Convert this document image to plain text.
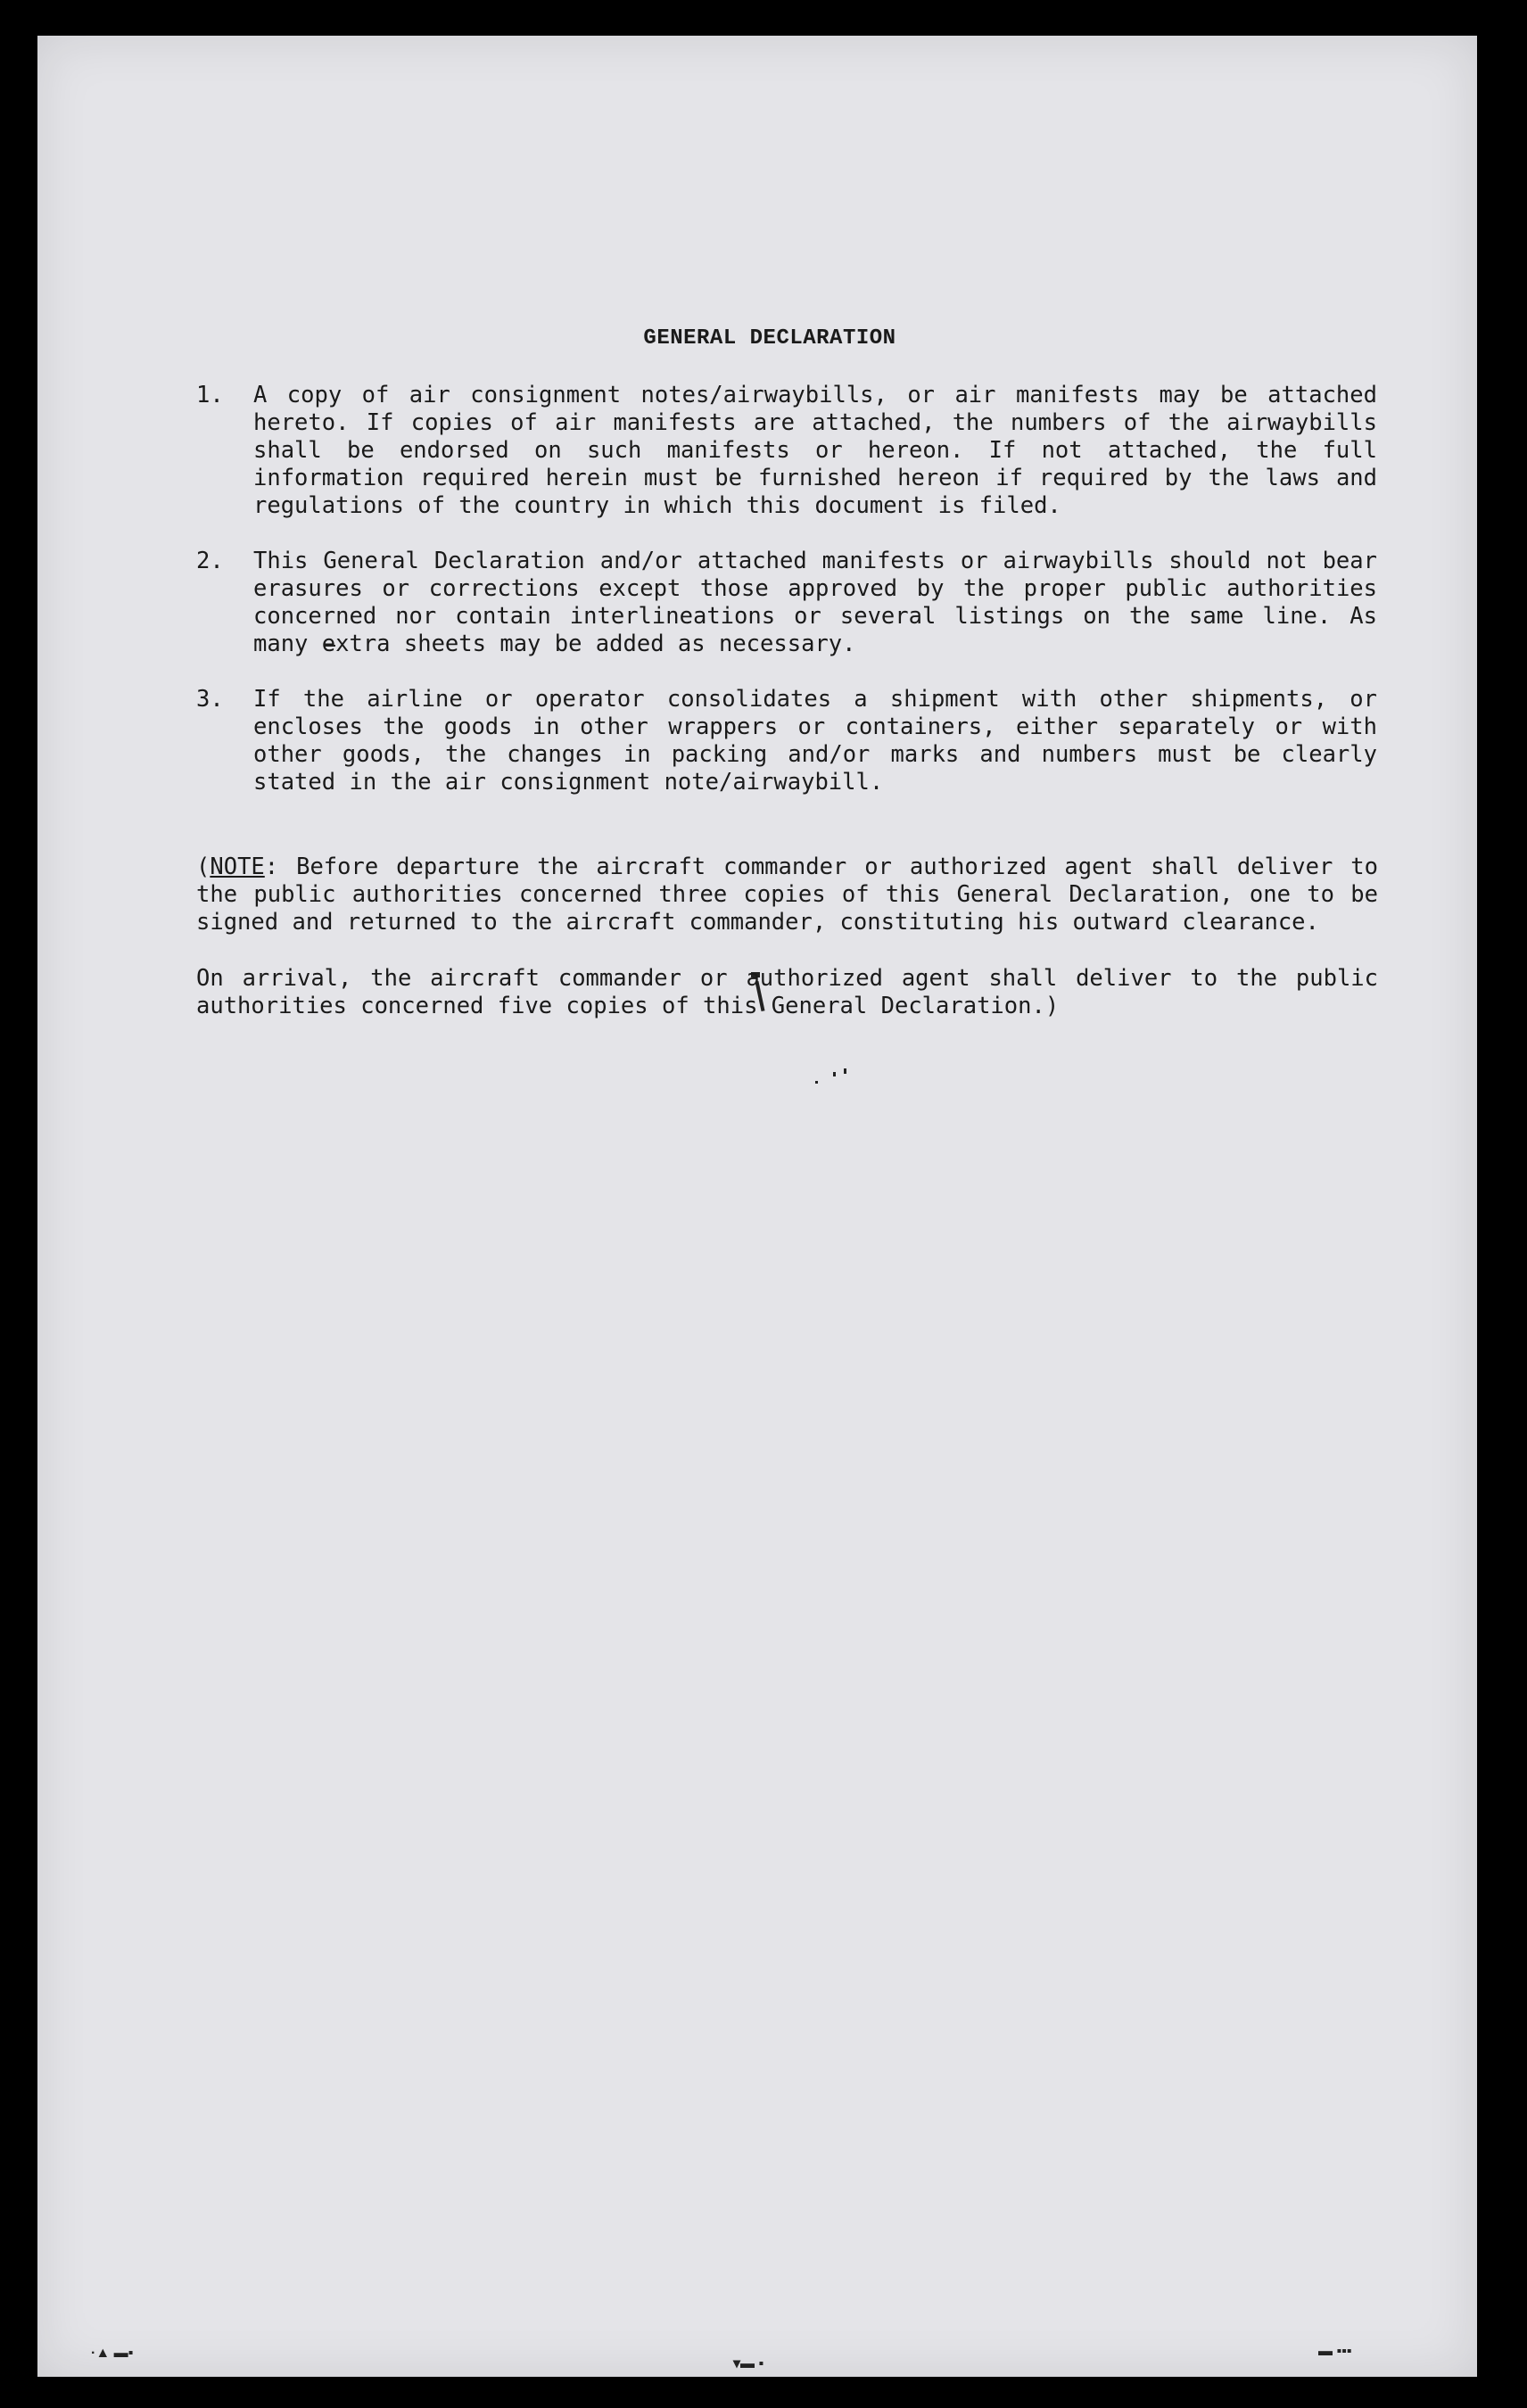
GENERAL DECLARATION
1.	A copy of air consignment notes/airwaybills, or air manifests may be attached hereto. If copies of air manifests are attached, the numbers of the airwaybills shall be endorsed on such manifests or hereon. If not attached, the full information required herein must be furnished hereon if required by the laws and regulations of the country in which this document is filed.
2.	This General Declaration and/or attached manifests or airwaybills should not bear erasures or corrections except those approved by the proper public authorities concerned nor contain interlineations or several listings on the same line. As many extra sheets may be added as necessary.
3.	If the airline or operator consolidates a shipment with other shipments, or encloses the goods in other wrappers or containers, either separately or with other goods, the changes in packing and/or marks and numbers must be clearly stated in the air consignment note/airwaybill.
(NOTE: Before departure the aircraft commander or authorized agent shall deliver to the public authorities concerned three copies of this General Declaration, one to be signed and returned to the aircraft commander, constituting his outward clearance.
On arrival, the aircraft commander or authorized agent shall deliver to the public authorities concerned five copies of this General Declaration.)
·▲ ▬▪
▾▬ ▪
▬ ▪▪▪
